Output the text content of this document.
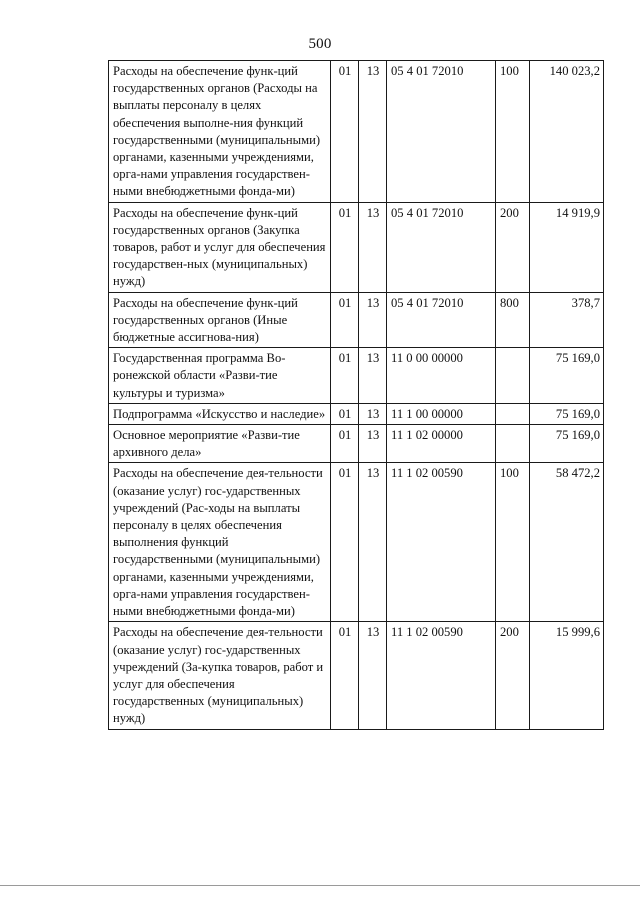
500
Расходы на обеспечение функ-ций государственных органов (Расходы на выплаты персоналу в целях обеспечения выполне-ния функций государственными (муниципальными) органами, казенными учреждениями, орга-нами управления государствен-ными внебюджетными фонда-ми)	01	13	05 4 01 72010	100	140 023,2
Расходы на обеспечение функ-ций государственных органов (Закупка товаров, работ и услуг для обеспечения государствен-ных (муниципальных) нужд)	01	13	05 4 01 72010	200	14 919,9
Расходы на обеспечение функ-ций государственных органов (Иные бюджетные ассигнова-ния)	01	13	05 4 01 72010	800	378,7
Государственная программа Во-ронежской области «Разви-тие культуры и туризма»	01	13	11 0 00 00000		75 169,0
Подпрограмма «Искусство и наследие»	01	13	11 1 00 00000		75 169,0
Основное мероприятие «Разви-тие архивного дела»	01	13	11 1 02 00000		75 169,0
Расходы на обеспечение дея-тельности (оказание услуг) гос-ударственных учреждений (Рас-ходы на выплаты персоналу в целях обеспечения выполнения функций государственными (муниципальными) органами, казенными учреждениями, орга-нами управления государствен-ными внебюджетными фонда-ми)	01	13	11 1 02 00590	100	58 472,2
Расходы на обеспечение дея-тельности (оказание услуг) гос-ударственных учреждений (За-купка товаров, работ и услуг для обеспечения государственных (муниципальных) нужд)	01	13	11 1 02 00590	200	15 999,6
